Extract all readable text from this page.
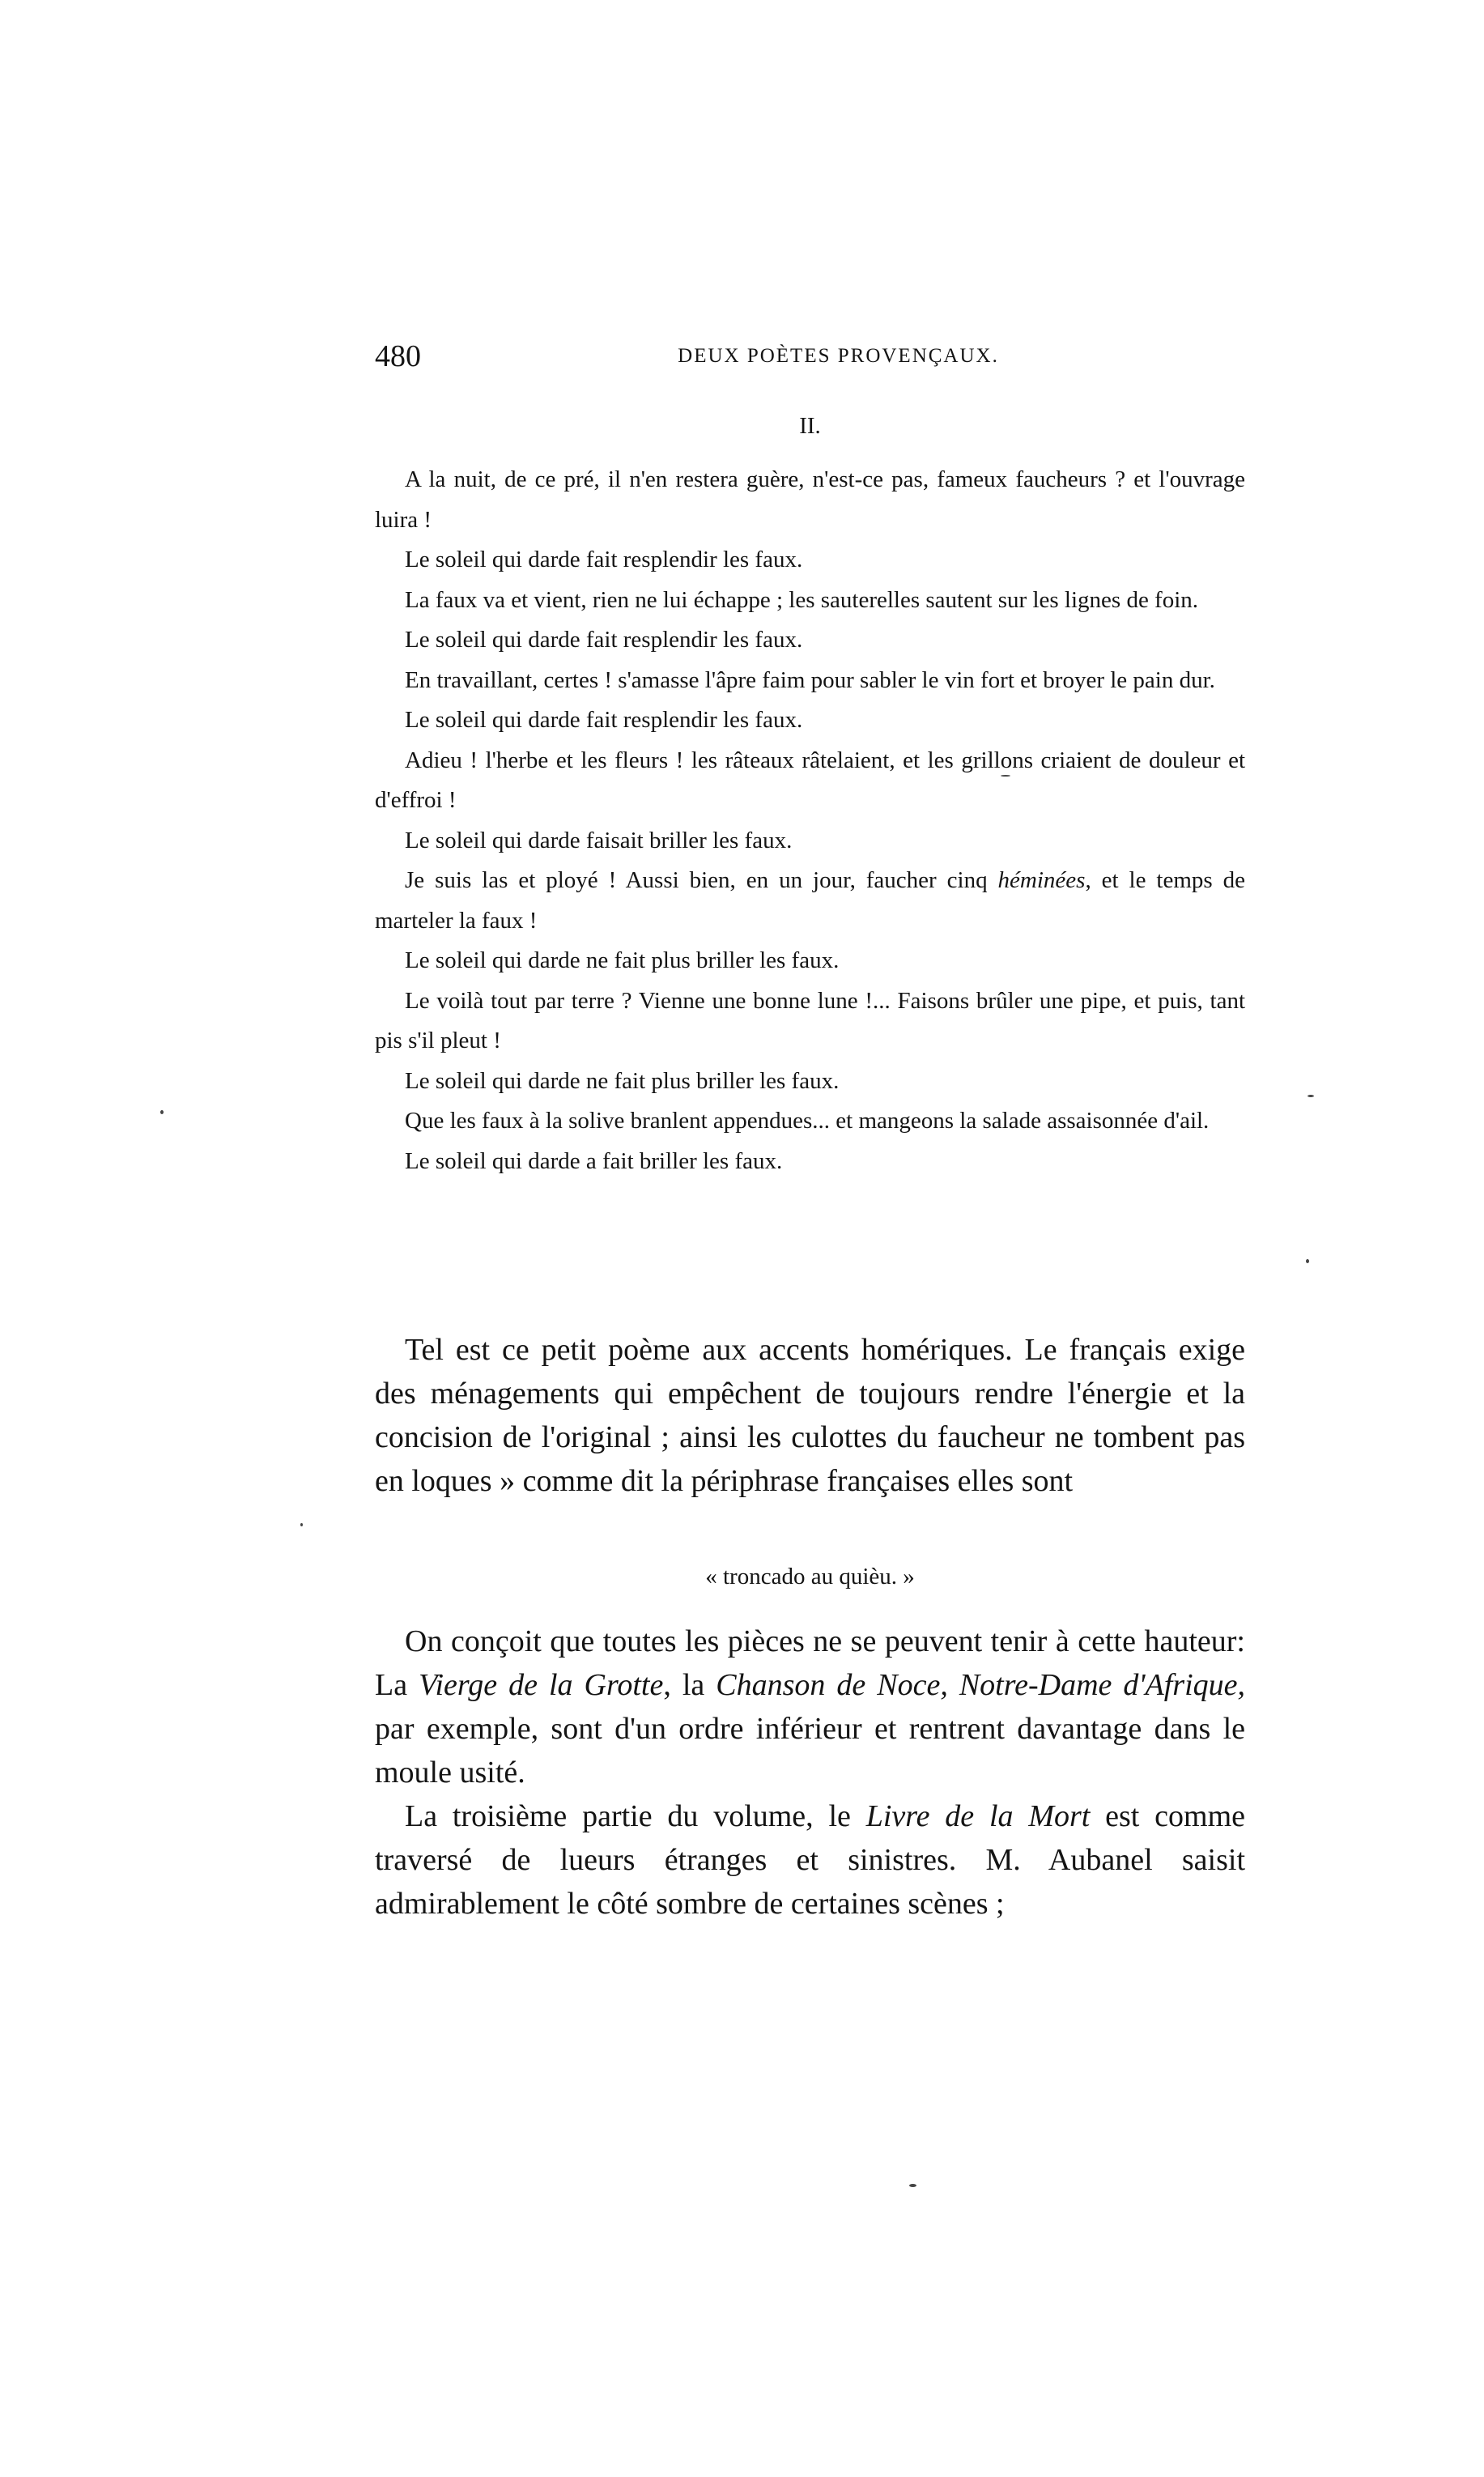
480	DEUX POÈTES PROVENÇAUX.
II.

A la nuit, de ce pré, il n'en restera guère, n'est-ce pas, fameux faucheurs ? et l'ouvrage luira !

Le soleil qui darde fait resplendir les faux.

La faux va et vient, rien ne lui échappe ; les sauterelles sautent sur les lignes de foin.

Le soleil qui darde fait resplendir les faux.

En travaillant, certes ! s'amasse l'âpre faim pour sabler le vin fort et broyer le pain dur.

Le soleil qui darde fait resplendir les faux.

Adieu ! l'herbe et les fleurs ! les râteaux râtelaient, et les grillons criaient de douleur et d'effroi !

Le soleil qui darde faisait briller les faux.

Je suis las et ployé ! Aussi bien, en un jour, faucher cinq héminées, et le temps de marteler la faux !

Le soleil qui darde ne fait plus briller les faux.

Le voilà tout par terre ? Vienne une bonne lune !... Faisons brûler une pipe, et puis, tant pis s'il pleut !

Le soleil qui darde ne fait plus briller les faux.

Que les faux à la solive branlent appendues... et mangeons la salade assaisonnée d'ail.

Le soleil qui darde a fait briller les faux.

Tel est ce petit poème aux accents homériques. Le français exige des ménagements qui empêchent de toujours rendre l'énergie et la concision de l'original ; ainsi les culottes du faucheur ne tombent pas en loques » comme dit la périphrase françaises elles sont

« troncado au quièu. »

On conçoit que toutes les pièces ne se peuvent tenir à cette hauteur: La Vierge de la Grotte, la Chanson de Noce, Notre-Dame d'Afrique, par exemple, sont d'un ordre inférieur et rentrent davantage dans le moule usité.

La troisième partie du volume, le Livre de la Mort est comme traversé de lueurs étranges et sinistres. M. Aubanel saisit admirablement le côté sombre de certaines scènes ;
